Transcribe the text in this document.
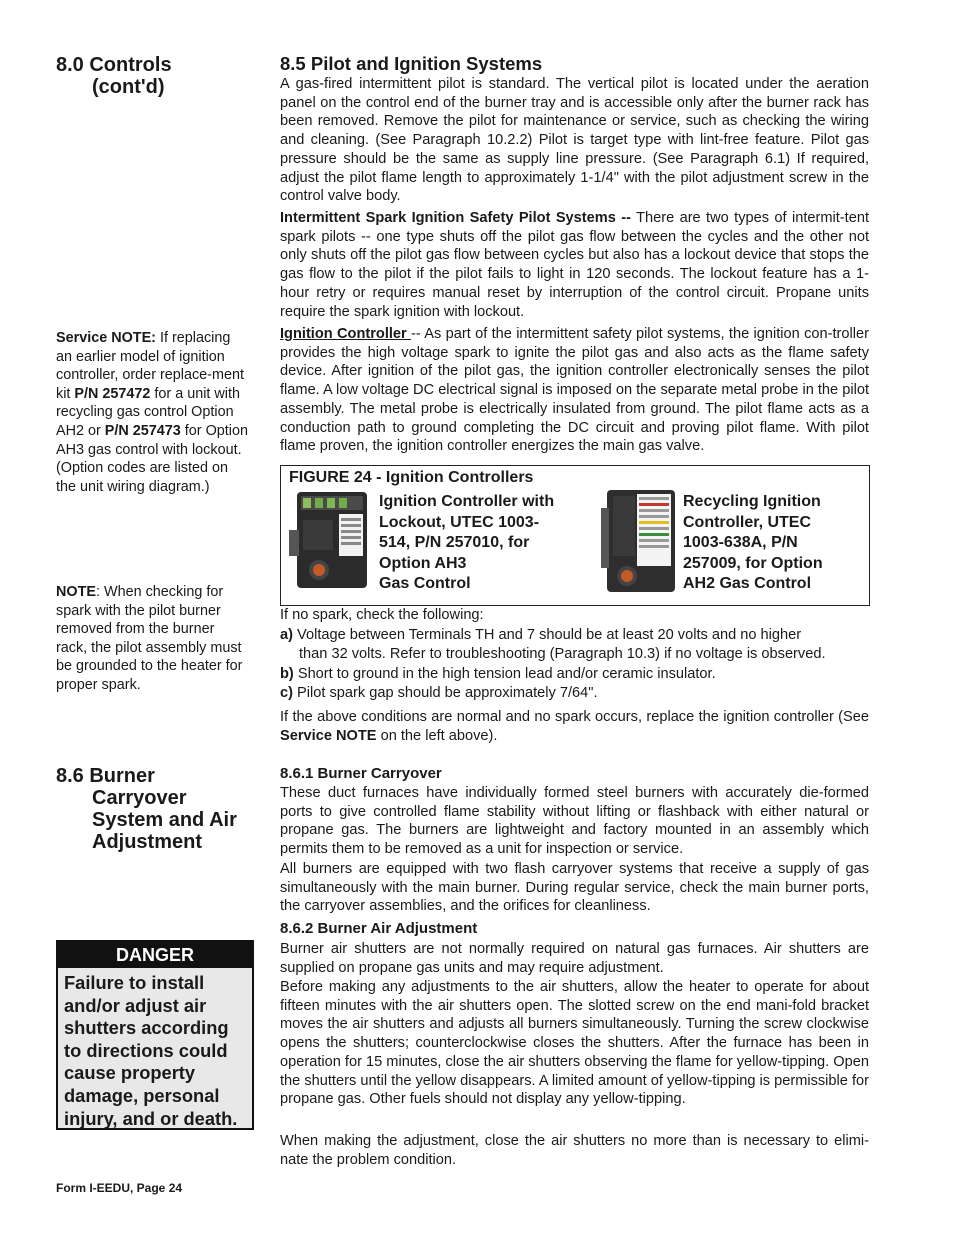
8.0 Controls
(cont'd)

Service NOTE: If replacing an earlier model of ignition controller, order replace-ment kit P/N 257472 for a unit with recycling gas control Option AH2 or P/N 257473 for Option AH3 gas control with lockout. (Option codes are listed on the unit wiring diagram.)

NOTE: When checking for spark with the pilot burner removed from the burner rack, the pilot assembly must be grounded to the heater for proper spark.

8.6 Burner
Carryover
System and Air
Adjustment
DANGER
Failure to install and/or adjust air shutters according to directions could cause property damage, personal injury, and or death.
Form I-EEDU, Page 24
8.5 Pilot and Ignition Systems

A gas-fired intermittent pilot is standard. The vertical pilot is located under the aeration panel on the control end of the burner tray and is accessible only after the burner rack has been removed. Remove the pilot for maintenance or service, such as checking the wiring and cleaning. (See Paragraph 10.2.2) Pilot is target type with lint-free feature. Pilot gas pressure should be the same as supply line pressure. (See Paragraph 6.1) If required, adjust the pilot flame length to approximately 1-1/4" with the pilot adjustment screw in the control valve body.

Intermittent Spark Ignition Safety Pilot Systems -- There are two types of intermit-tent spark pilots -- one type shuts off the pilot gas flow between the cycles and the other not only shuts off the pilot gas flow between cycles but also has a lockout device that stops the gas flow to the pilot if the pilot fails to light in 120 seconds. The lockout feature has a 1-hour retry or requires manual reset by interruption of the control circuit. Propane units require the spark ignition with lockout.

Ignition Controller -- As part of the intermittent safety pilot systems, the ignition con-troller provides the high voltage spark to ignite the pilot gas and also acts as the flame safety device. After ignition of the pilot gas, the ignition controller electronically senses the pilot flame. A low voltage DC electrical signal is imposed on the separate metal probe in the pilot assembly. The metal probe is electrically insulated from ground. The pilot flame acts as a conduction path to ground completing the DC circuit and proving pilot flame. With pilot flame proven, the ignition controller energizes the main gas valve.

FIGURE 24 - Ignition Controllers
Ignition Controller with
Lockout, UTEC 1003-
514, P/N 257010, for
Option AH3
Gas Control
Recycling Ignition
Controller, UTEC
1003-638A, P/N
257009, for Option
AH2 Gas Control

If no spark, check the following:

a) Voltage between Terminals TH and 7 should be at least 20 volts and no higher

than 32 volts. Refer to troubleshooting (Paragraph 10.3) if no voltage is observed.

b) Short to ground in the high tension lead and/or ceramic insulator.

c) Pilot spark gap should be approximately 7/64".

If the above conditions are normal and no spark occurs, replace the ignition controller (See Service NOTE on the left above).

8.6.1 Burner Carryover

These duct furnaces have individually formed steel burners with accurately die-formed ports to give controlled flame stability without lifting or flashback with either natural or propane gas. The burners are lightweight and factory mounted in an assembly which permits them to be removed as a unit for inspection or service.

All burners are equipped with two flash carryover systems that receive a supply of gas simultaneously with the main burner. During regular service, check the main burner ports, the carryover assemblies, and the orifices for cleanliness.

8.6.2 Burner Air Adjustment

Burner air shutters are not normally required on natural gas furnaces. Air shutters are supplied on propane gas units and may require adjustment.

Before making any adjustments to the air shutters, allow the heater to operate for about fifteen minutes with the air shutters open. The slotted screw on the end mani-fold bracket moves the air shutters and adjusts all burners simultaneously. Turning the screw clockwise opens the shutters; counterclockwise closes the shutters. After the furnace has been in operation for 15 minutes, close the air shutters observing the flame for yellow-tipping. Open the shutters until the yellow disappears. A limited amount of yellow-tipping is permissible for propane gas. Other fuels should not display any yellow-tipping.

When making the adjustment, close the air shutters no more than is necessary to elimi-nate the problem condition.
